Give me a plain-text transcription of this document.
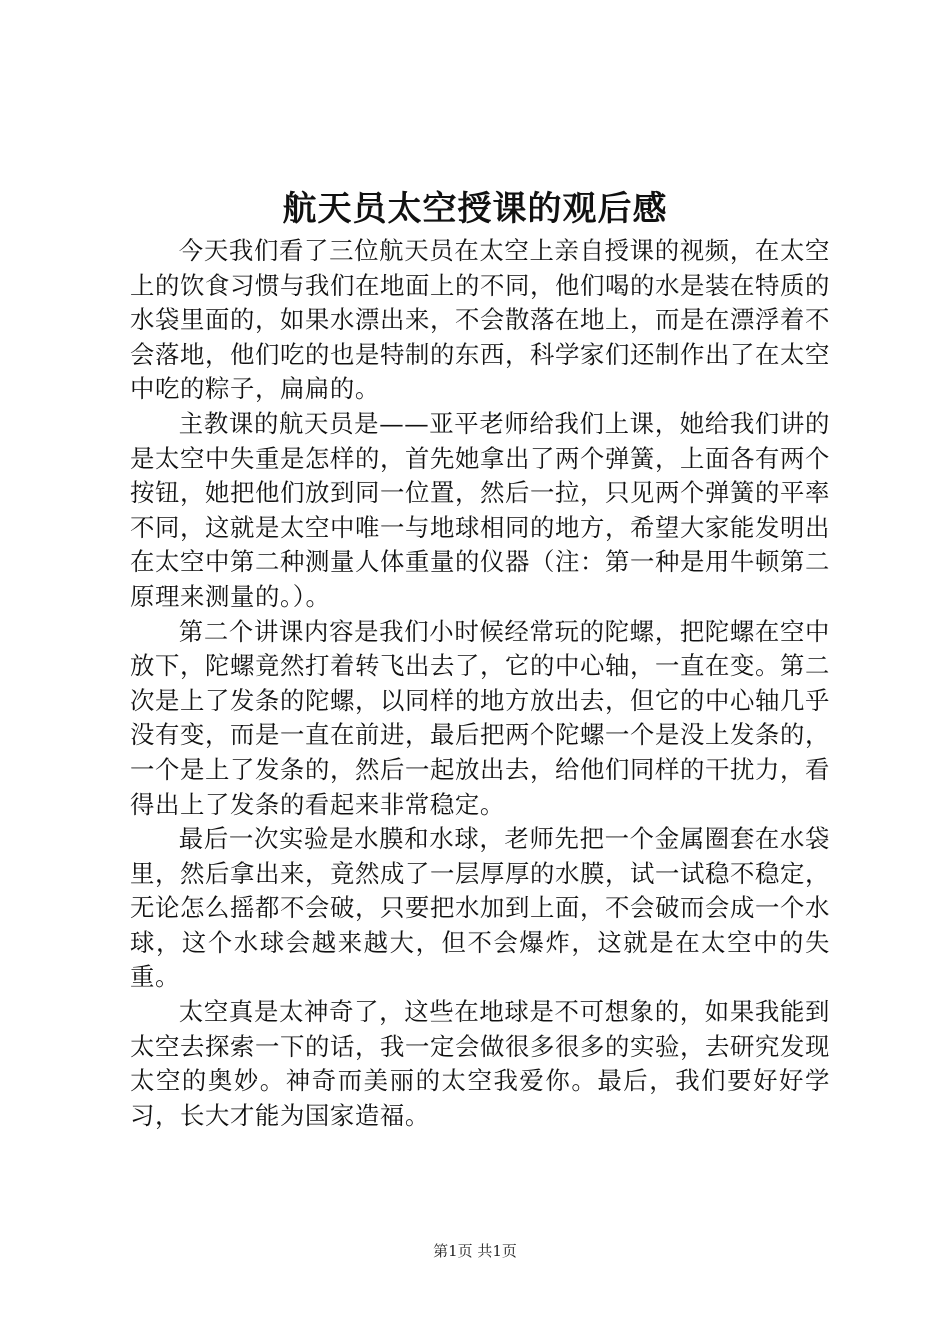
航天员太空授课的观后感

今天我们看了三位航天员在太空上亲自授课的视频，在太空上的饮食习惯与我们在地面上的不同，他们喝的水是装在特质的水袋里面的，如果水漂出来，不会散落在地上，而是在漂浮着不会落地，他们吃的也是特制的东西，科学家们还制作出了在太空中吃的粽子，扁扁的。

主教课的航天员是——亚平老师给我们上课，她给我们讲的是太空中失重是怎样的，首先她拿出了两个弹簧，上面各有两个按钮，她把他们放到同一位置，然后一拉，只见两个弹簧的平率不同，这就是太空中唯一与地球相同的地方，希望大家能发明出在太空中第二种测量人体重量的仪器（注：第一种是用牛顿第二原理来测量的。）。

第二个讲课内容是我们小时候经常玩的陀螺，把陀螺在空中放下，陀螺竟然打着转飞出去了，它的中心轴，一直在变。第二次是上了发条的陀螺，以同样的地方放出去，但它的中心轴几乎没有变，而是一直在前进，最后把两个陀螺一个是没上发条的，一个是上了发条的，然后一起放出去，给他们同样的干扰力，看得出上了发条的看起来非常稳定。

最后一次实验是水膜和水球，老师先把一个金属圈套在水袋里，然后拿出来，竟然成了一层厚厚的水膜，试一试稳不稳定，无论怎么摇都不会破，只要把水加到上面，不会破而会成一个水球，这个水球会越来越大，但不会爆炸，这就是在太空中的失重。

太空真是太神奇了，这些在地球是不可想象的，如果我能到太空去探索一下的话，我一定会做很多很多的实验，去研究发现太空的奥妙。神奇而美丽的太空我爱你。最后，我们要好好学习，长大才能为国家造福。

第1页 共1页
